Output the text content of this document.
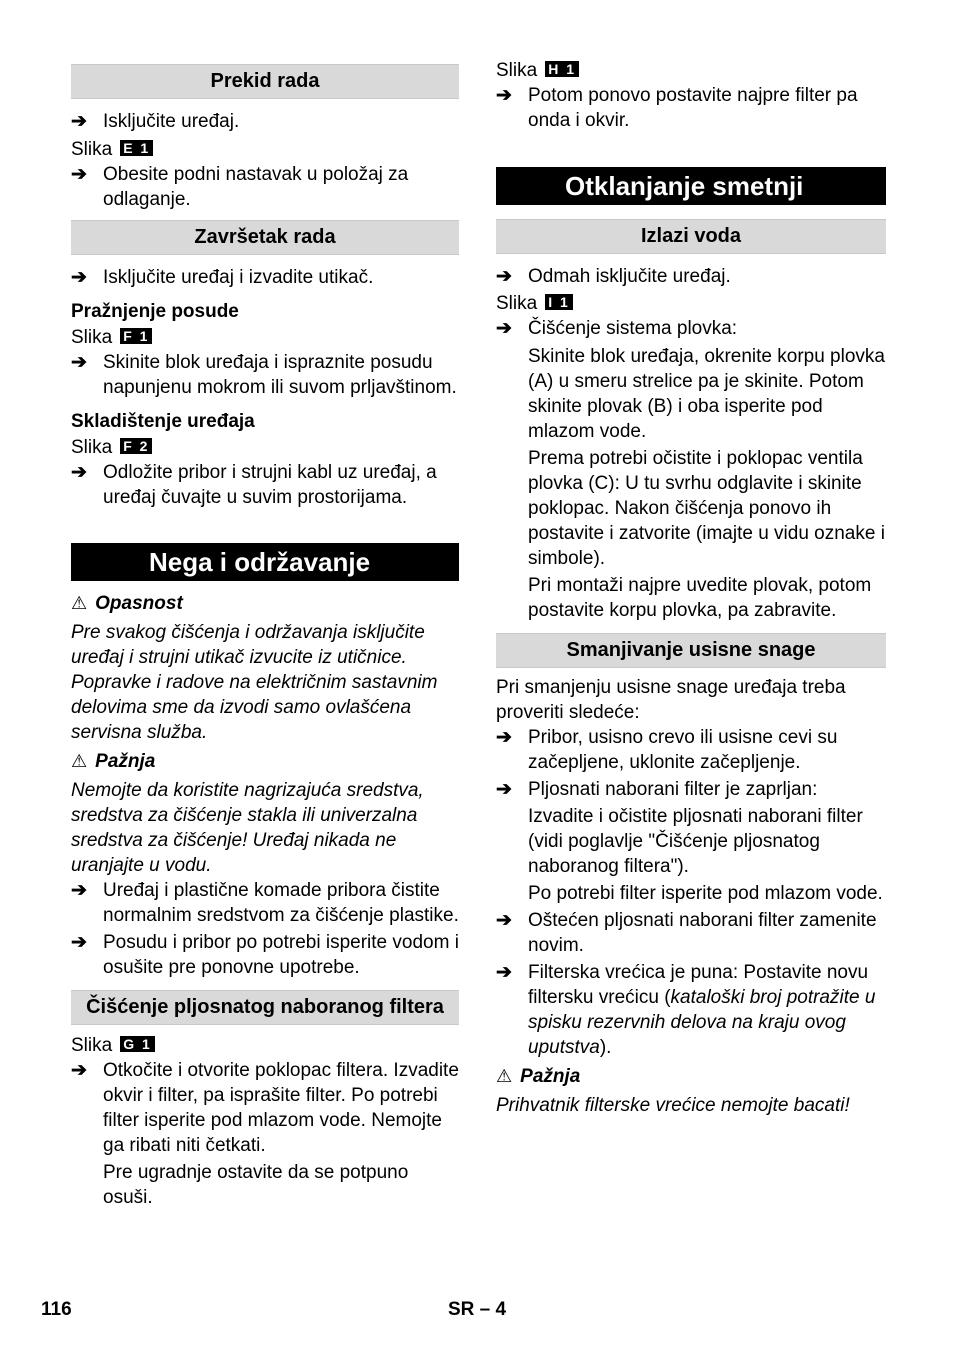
Prekid rada
➔ Isključite uređaj.
Slika E 1
➔ Obesite podni nastavak u položaj za odlaganje.
Završetak rada
➔ Isključite uređaj i izvadite utikač.
Pražnjenje posude
Slika F 1
➔ Skinite blok uređaja i ispraznite posudu napunjenu mokrom ili suvom prljavštinom.
Skladištenje uređaja
Slika F 2
➔ Odložite pribor i strujni kabl uz uređaj, a uređaj čuvajte u suvim prostorijama.
Nega i održavanje
⚠ Opasnost
Pre svakog čišćenja i održavanja isključite uređaj i strujni utikač izvucite iz utičnice. Popravke i radove na električnim sastavnim delovima sme da izvodi samo ovlašćena servisna služba.
⚠ Pažnja
Nemojte da koristite nagrizajuća sredstva, sredstva za čišćenje stakla ili univerzalna sredstva za čišćenje! Uređaj nikada ne uranjajte u vodu.
➔ Uređaj i plastične komade pribora čistite normalnim sredstvom za čišćenje plastike.
➔ Posudu i pribor po potrebi isperite vodom i osušite pre ponovne upotrebe.
Čišćenje pljosnatog naboranog filtera
Slika G 1
➔ Otkočite i otvorite poklopac filtera. Izvadite okvir i filter, pa isprašite filter. Po potrebi filter isperite pod mlazom vode. Nemojte ga ribati niti četkati.
Pre ugradnje ostavite da se potpuno osuši.
Slika H 1
➔ Potom ponovo postavite najpre filter pa onda i okvir.
Otklanjanje smetnji
Izlazi voda
➔ Odmah isključite uređaj.
Slika I 1
➔ Čišćenje sistema plovka:
Skinite blok uređaja, okrenite korpu plovka (A) u smeru strelice pa je skinite. Potom skinite plovak (B) i oba isperite pod mlazom vode.
Prema potrebi očistite i poklopac ventila plovka (C): U tu svrhu odglavite i skinite poklopac. Nakon čišćenja ponovo ih postavite i zatvorite (imajte u vidu oznake i simbole).
Pri montaži najpre uvedite plovak, potom postavite korpu plovka, pa zabravite.
Smanjivanje usisne snage
Pri smanjenju usisne snage uređaja treba proveriti sledeće:
➔ Pribor, usisno crevo ili usisne cevi su začepljene, uklonite začepljenje.
➔ Pljosnati naborani filter je zaprljan:
Izvadite i očistite pljosnati naborani filter (vidi poglavlje "Čišćenje pljosnatog naboranog filtera").
Po potrebi filter isperite pod mlazom vode.
➔ Oštećen pljosnati naborani filter zamenite novim.
➔ Filterska vrećica je puna: Postavite novu filtersku vrećicu (kataloški broj potražite u spisku rezervnih delova na kraju ovog uputstva).
⚠ Pažnja
Prihvatnik filterske vrećice nemojte bacati!
116	SR – 4
